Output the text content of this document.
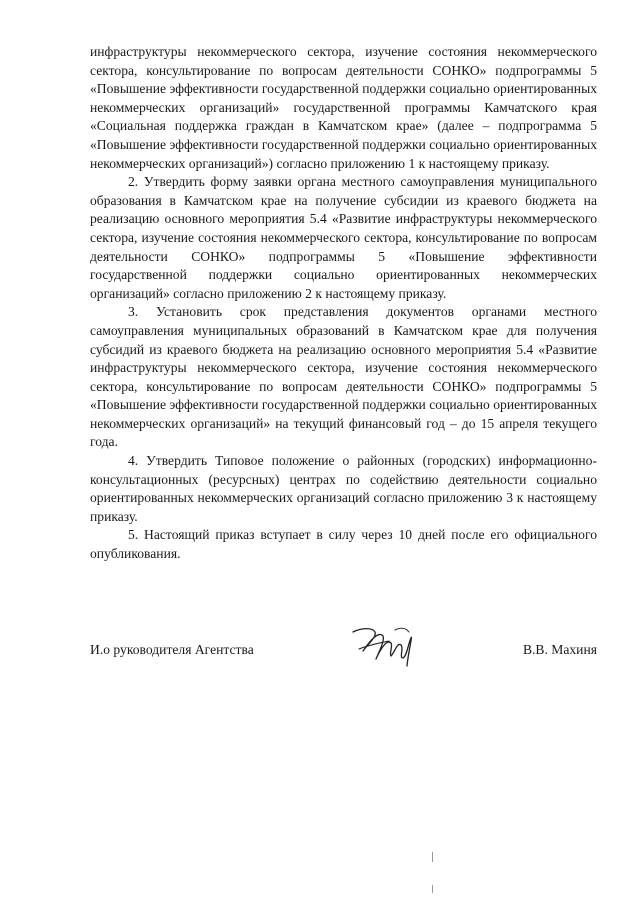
инфраструктуры некоммерческого сектора, изучение состояния некоммерческого сектора, консультирование по вопросам деятельности СОНКО» подпрограммы 5 «Повышение эффективности государственной поддержки социально ориентированных некоммерческих организаций» государственной программы Камчатского края «Социальная поддержка граждан в Камчатском крае» (далее – подпрограмма 5 «Повышение эффективности государственной поддержки социально ориентированных некоммерческих организаций») согласно приложению 1 к настоящему приказу.

2. Утвердить форму заявки органа местного самоуправления муниципального образования в Камчатском крае на получение субсидии из краевого бюджета на реализацию основного мероприятия 5.4 «Развитие инфраструктуры некоммерческого сектора, изучение состояния некоммерческого сектора, консультирование по вопросам деятельности СОНКО» подпрограммы 5 «Повышение эффективности государственной поддержки социально ориентированных некоммерческих организаций» согласно приложению 2 к настоящему приказу.

3. Установить срок представления документов органами местного самоуправления муниципальных образований в Камчатском крае для получения субсидий из краевого бюджета на реализацию основного мероприятия 5.4 «Развитие инфраструктуры некоммерческого сектора, изучение состояния некоммерческого сектора, консультирование по вопросам деятельности СОНКО» подпрограммы 5 «Повышение эффективности государственной поддержки социально ориентированных некоммерческих организаций» на текущий финансовый год – до 15 апреля текущего года.

4. Утвердить Типовое положение о районных (городских) информационно-консультационных (ресурсных) центрах по содействию деятельности социально ориентированных некоммерческих организаций согласно приложению 3 к настоящему приказу.

5. Настоящий приказ вступает в силу через 10 дней после его официального опубликования.

И.о руководителя Агентства	В.В. Махиня
